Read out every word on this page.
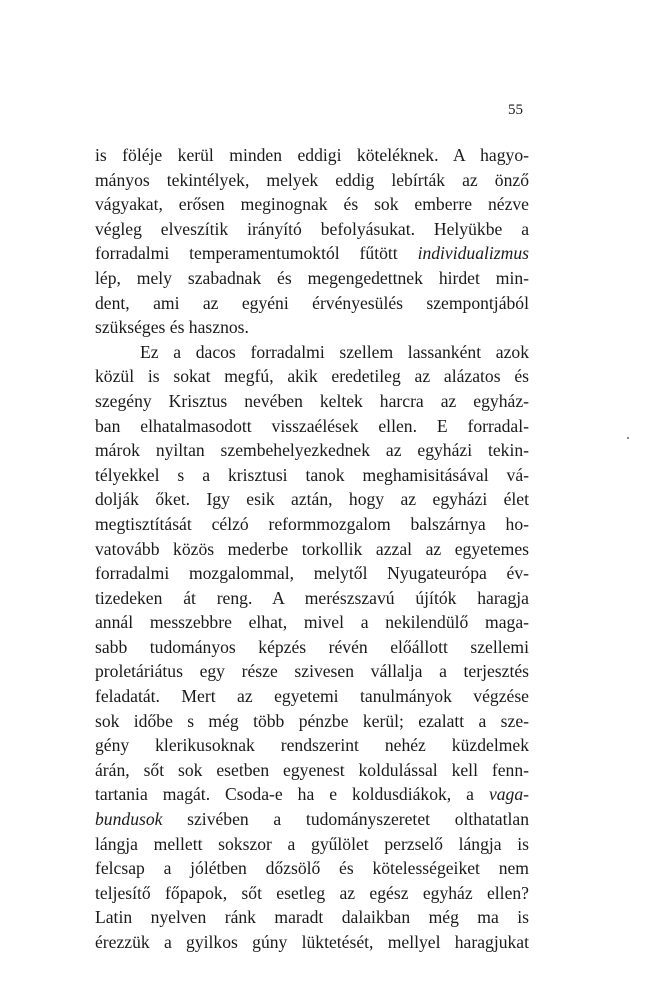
55
is föléje kerül minden eddigi köteléknek. A hagyo-
mányos tekintélyek, melyek eddig lebírták az önző
vágyakat, erősen meginognak és sok emberre nézve
végleg elveszítik irányító befolyásukat. Helyükbe a
forradalmi temperamentumoktól fűtött individualizmus
lép, mely szabadnak és megengedettnek hirdet min-
dent, ami az egyéni érvényesülés szempontjából
szükséges és hasznos.
Ez a dacos forradalmi szellem lassanként azok
közül is sokat megfú, akik eredetileg az alázatos és
szegény Krisztus nevében keltek harcra az egyház-
ban elhatalmasodott visszaélések ellen. E forradal-
márok nyiltan szembehelyezkednek az egyházi tekin-
télyekkel s a krisztusi tanok meghamisitásával vá-
dolják őket. Igy esik aztán, hogy az egyházi élet
megtisztítását célzó reformmozgalom balszárnya ho-
vatovább közös mederbe torkollik azzal az egyetemes
forradalmi mozgalommal, melytől Nyugateurópa év-
tizedeken át reng. A merészszavú újítók haragja
annál messzebbre elhat, mivel a nekilendülő maga-
sabb tudományos képzés révén előállott szellemi
proletáriátus egy része szivesen vállalja a terjesztés
feladatát. Mert az egyetemi tanulmányok végzése
sok időbe s még több pénzbe kerül; ezalatt a sze-
gény klerikusoknak rendszerint nehéz küzdelmek
árán, sőt sok esetben egyenest koldulással kell fenn-
tartania magát. Csoda-e ha e koldusdiákok, a vaga-
bundusok szivében a tudományszeretet olthatatlan
lángja mellett sokszor a gyűlölet perzselő lángja is
felcsap a jólétben dőzsölő és kötelességeiket nem
teljesítő főpapok, sőt esetleg az egész egyház ellen?
Latin nyelven ránk maradt dalaikban még ma is
érezzük a gyilkos gúny lüktetését, mellyel haragjukat
